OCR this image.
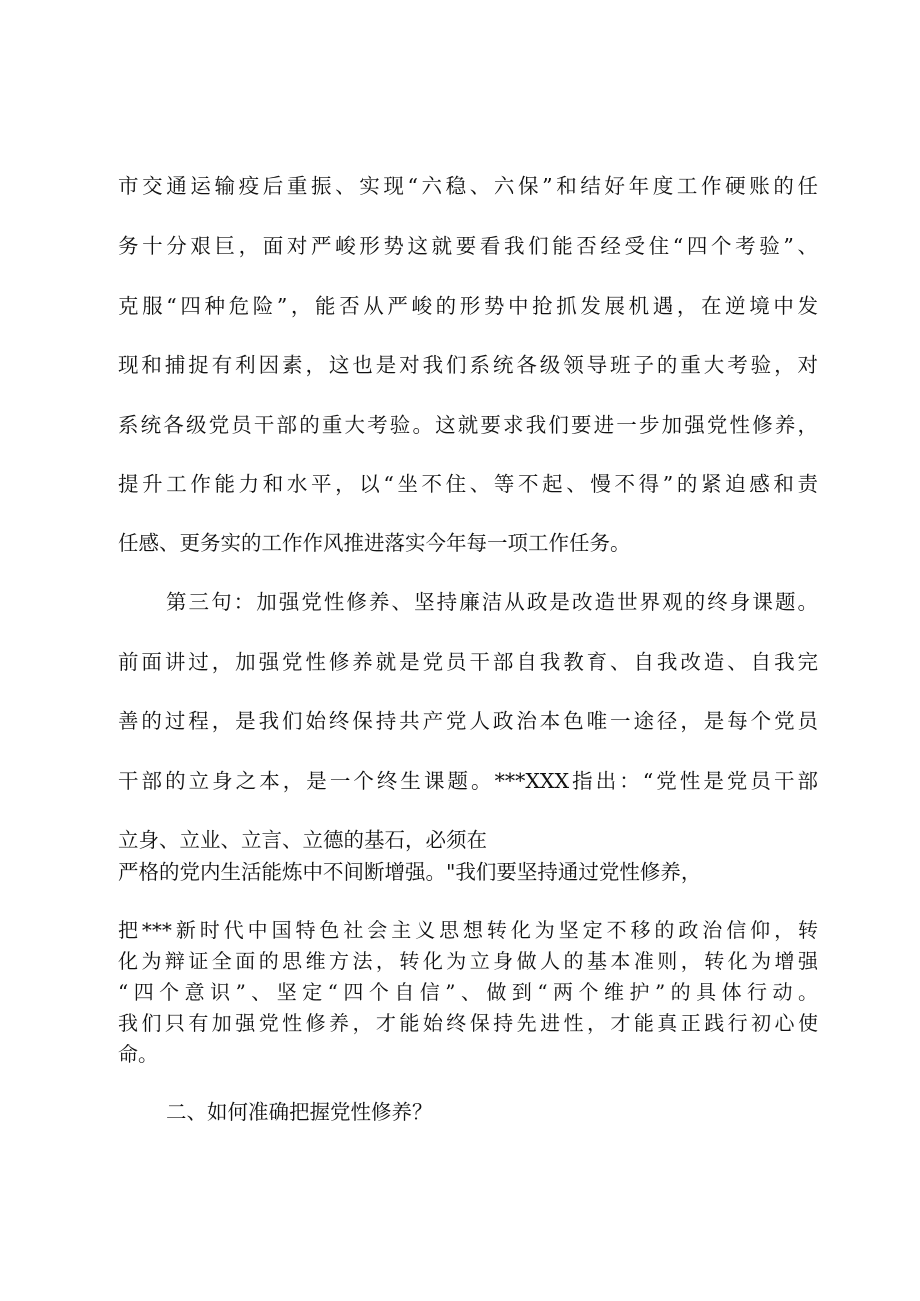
市交通运输疫后重振、实现“六稳、六保”和结好年度工作硬账的任
务十分艰巨，面对严峻形势这就要看我们能否经受住“四个考验”、
克服“四种危险”，能否从严峻的形势中抢抓发展机遇，在逆境中发
现和捕捉有利因素，这也是对我们系统各级领导班子的重大考验，对
系统各级党员干部的重大考验。这就要求我们要进一步加强党性修养，
提升工作能力和水平，以“坐不住、等不起、慢不得”的紧迫感和责
任感、更务实的工作作风推进落实今年每一项工作任务。
第三句：加强党性修养、坚持廉洁从政是改造世界观的终身课题。
前面讲过，加强党性修养就是党员干部自我教育、自我改造、自我完
善的过程，是我们始终保持共产党人政治本色唯一途径，是每个党员
干部的立身之本，是一个终生课题。***XXX指出：“党性是党员干部
立身、立业、立言、立德的基石，必须在
严格的党内生活能炼中不间断增强。"我们要坚持通过党性修养，
把***新时代中国特色社会主义思想转化为坚定不移的政治信仰，转
化为辩证全面的思维方法，转化为立身做人的基本准则，转化为增强
“四个意识”、坚定“四个自信”、做到“两个维护”的具体行动。
我们只有加强党性修养，才能始终保持先进性，才能真正践行初心使
命。
二、如何准确把握党性修养？
